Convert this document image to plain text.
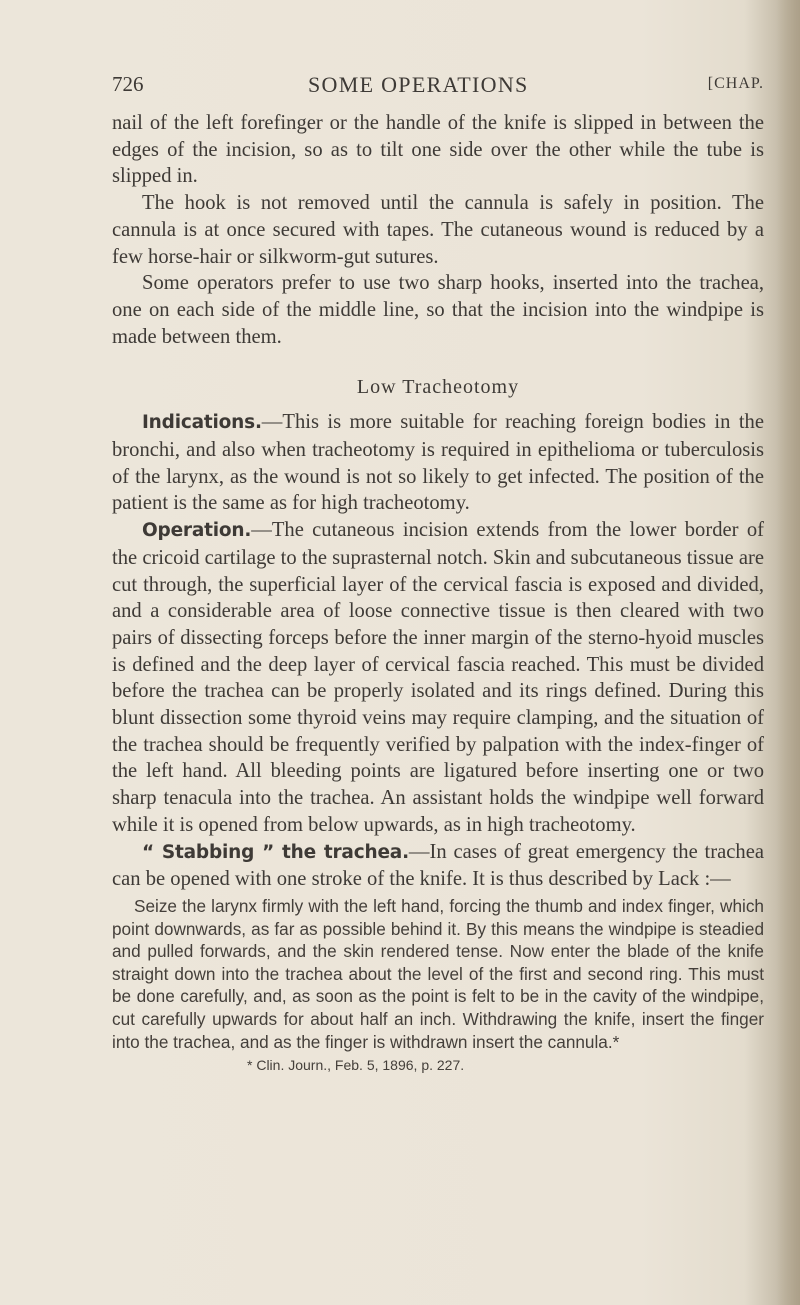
726	SOME OPERATIONS	[CHAP.

nail of the left forefinger or the handle of the knife is slipped in between the edges of the incision, so as to tilt one side over the other while the tube is slipped in.

The hook is not removed until the cannula is safely in position. The cannula is at once secured with tapes. The cutaneous wound is reduced by a few horse-hair or silkworm-gut sutures.

Some operators prefer to use two sharp hooks, inserted into the trachea, one on each side of the middle line, so that the incision into the windpipe is made between them.

Low Tracheotomy

Indications.—This is more suitable for reaching foreign bodies in the bronchi, and also when tracheotomy is required in epithelioma or tuberculosis of the larynx, as the wound is not so likely to get infected. The position of the patient is the same as for high tracheotomy.

Operation.—The cutaneous incision extends from the lower border of the cricoid cartilage to the suprasternal notch. Skin and subcutaneous tissue are cut through, the superficial layer of the cervical fascia is exposed and divided, and a considerable area of loose connective tissue is then cleared with two pairs of dissecting forceps before the inner margin of the sterno-hyoid muscles is defined and the deep layer of cervical fascia reached. This must be divided before the trachea can be properly isolated and its rings defined. During this blunt dissection some thyroid veins may require clamping, and the situation of the trachea should be frequently verified by palpation with the index-finger of the left hand. All bleeding points are ligatured before inserting one or two sharp tenacula into the trachea. An assistant holds the windpipe well forward while it is opened from below upwards, as in high tracheotomy.

“ Stabbing ” the trachea.—In cases of great emergency the trachea can be opened with one stroke of the knife. It is thus described by Lack :—

Seize the larynx firmly with the left hand, forcing the thumb and index finger, which point downwards, as far as possible behind it. By this means the windpipe is steadied and pulled forwards, and the skin rendered tense. Now enter the blade of the knife straight down into the trachea about the level of the first and second ring. This must be done carefully, and, as soon as the point is felt to be in the cavity of the windpipe, cut carefully upwards for about half an inch. Withdrawing the knife, insert the finger into the trachea, and as the finger is withdrawn insert the cannula.*

* Clin. Journ., Feb. 5, 1896, p. 227.
